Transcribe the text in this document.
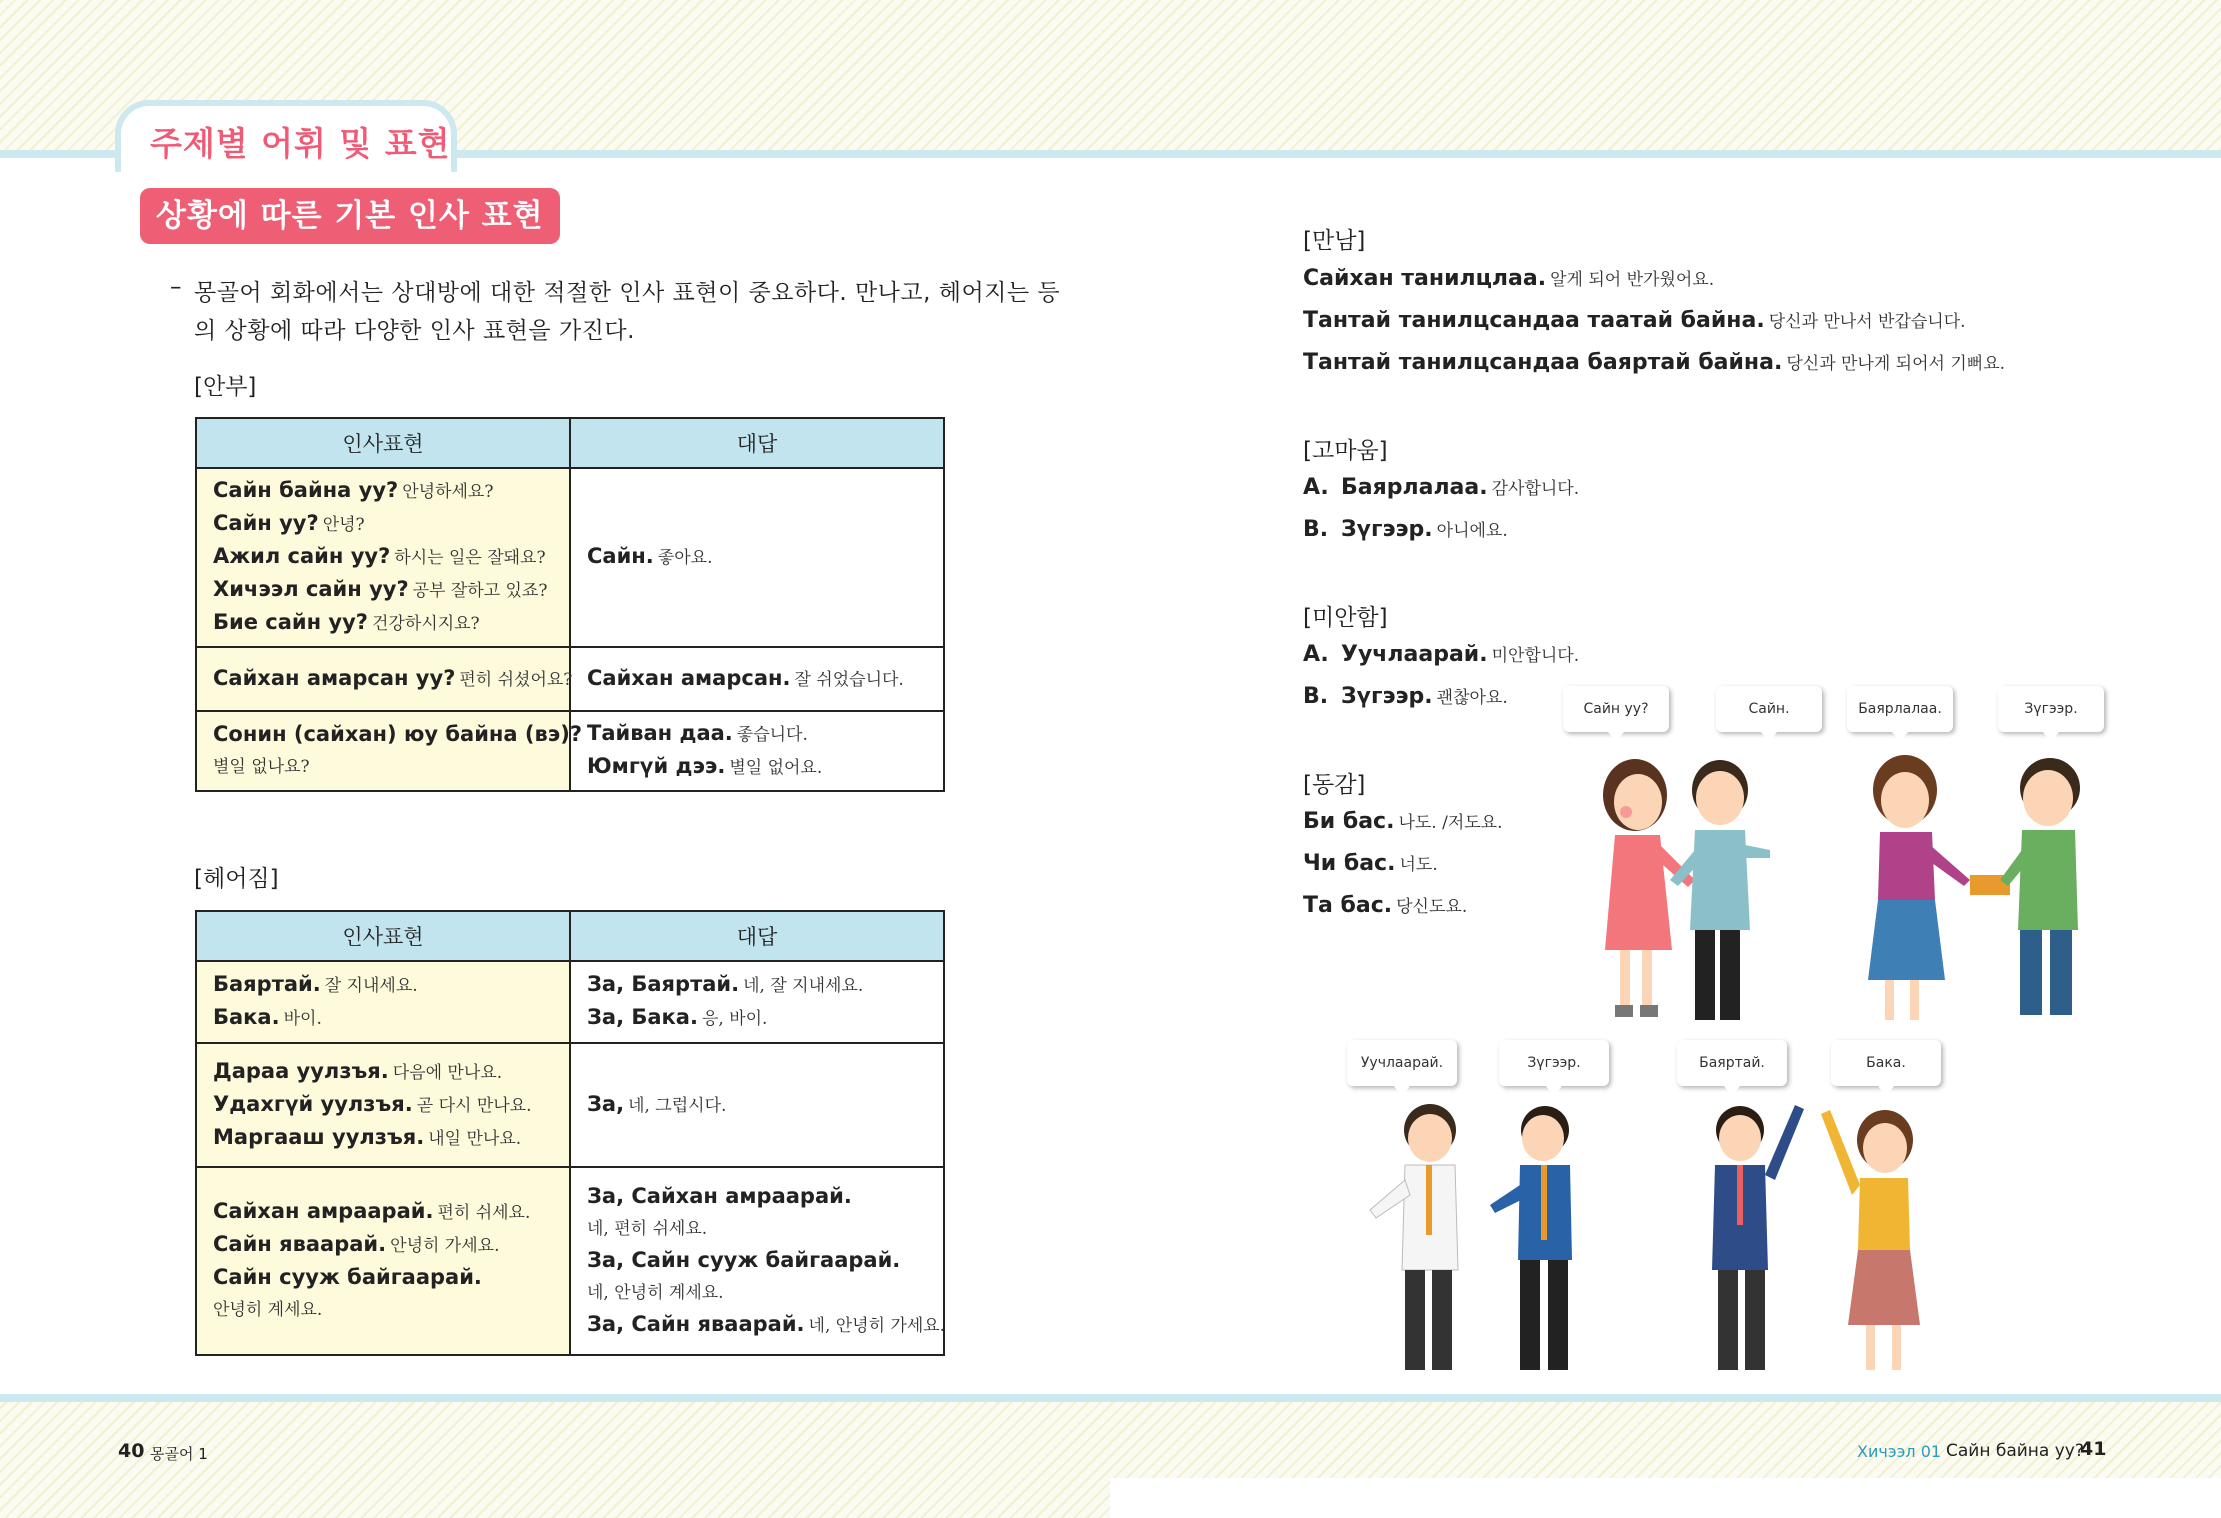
주제별 어휘 및 표현
상황에 따른 기본 인사 표현
– 몽골어 회화에서는 상대방에 대한 적절한 인사 표현이 중요하다. 만나고, 헤어지는 등
의 상황에 따라 다양한 인사 표현을 가진다.
[안부]
인사표현	대답

Сайн байна уу? 안녕하세요?
Сайн уу? 안녕?
Ажил сайн уу? 하시는 일은 잘돼요?
Хичээл сайн уу? 공부 잘하고 있죠?
Бие сайн уу? 건강하시지요?	Сайн. 좋아요.

Сайхан амарсан уу? 편히 쉬셨어요?	Сайхан амарсан. 잘 쉬었습니다.

Сонин (сайхан) юу байна (вэ)?
별일 없나요?	Тайван даа. 좋습니다.
Юмгүй дээ. 별일 없어요.
[헤어짐]
인사표현	대답

Баяртай. 잘 지내세요.
Бака. 바이.	За, Баяртай. 네, 잘 지내세요.
За, Бака. 응, 바이.

Дараа уулзъя. 다음에 만나요.
Удахгүй уулзъя. 곧 다시 만나요.
Маргааш уулзъя. 내일 만나요.	За, 네, 그럽시다.

Сайхан амраарай. 편히 쉬세요.
Сайн яваарай. 안녕히 가세요.
Сайн сууж байгаарай.
안녕히 계세요.	За, Сайхан амраарай.
네, 편히 쉬세요.
За, Сайн сууж байгаарай.
네, 안녕히 계세요.
За, Сайн яваарай. 네, 안녕히 가세요.
[만남]
Сайхан танилцлаа. 알게 되어 반가웠어요.
Тантай танилцсандаа таатай байна. 당신과 만나서 반갑습니다.
Тантай танилцсандаа баяртай байна. 당신과 만나게 되어서 기뻐요.
[고마움]
A. Баярлалаа. 감사합니다.
B. Зүгээр. 아니에요.
[미안함]
A. Уучлаарай. 미안합니다.
B. Зүгээр. 괜찮아요.
[동감]
Би бас. 나도. /저도요.
Чи бас. 너도.
Та бас. 당신도요.
Сайн уу?	Сайн.	Баярлалаа.	Зүгээр.
Уучлаарай.	Зүгээр.	Баяртай.	Бака.
40 몽골어 1	Хичээл 01 Сайн байна уу?
41
